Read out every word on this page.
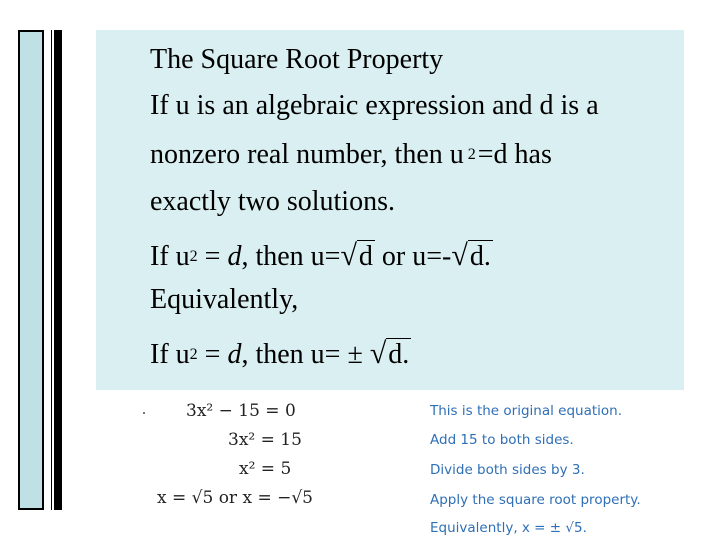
The Square Root Property
If u is an algebraic expression and d is a
nonzero real number, then u $^2$=d has
exactly two solutions.
If $u^2 = d$, then u=√d or u=-√d.
Equivalently,
If $u^2 = d$, then u= ± √d.
3x² − 15 = 0
3x² = 15
x² = 5
x = √5 or x = −√5
This is the original equation.
Add 15 to both sides.
Divide both sides by 3.
Apply the square root property.
Equivalently, x = ± √5.
